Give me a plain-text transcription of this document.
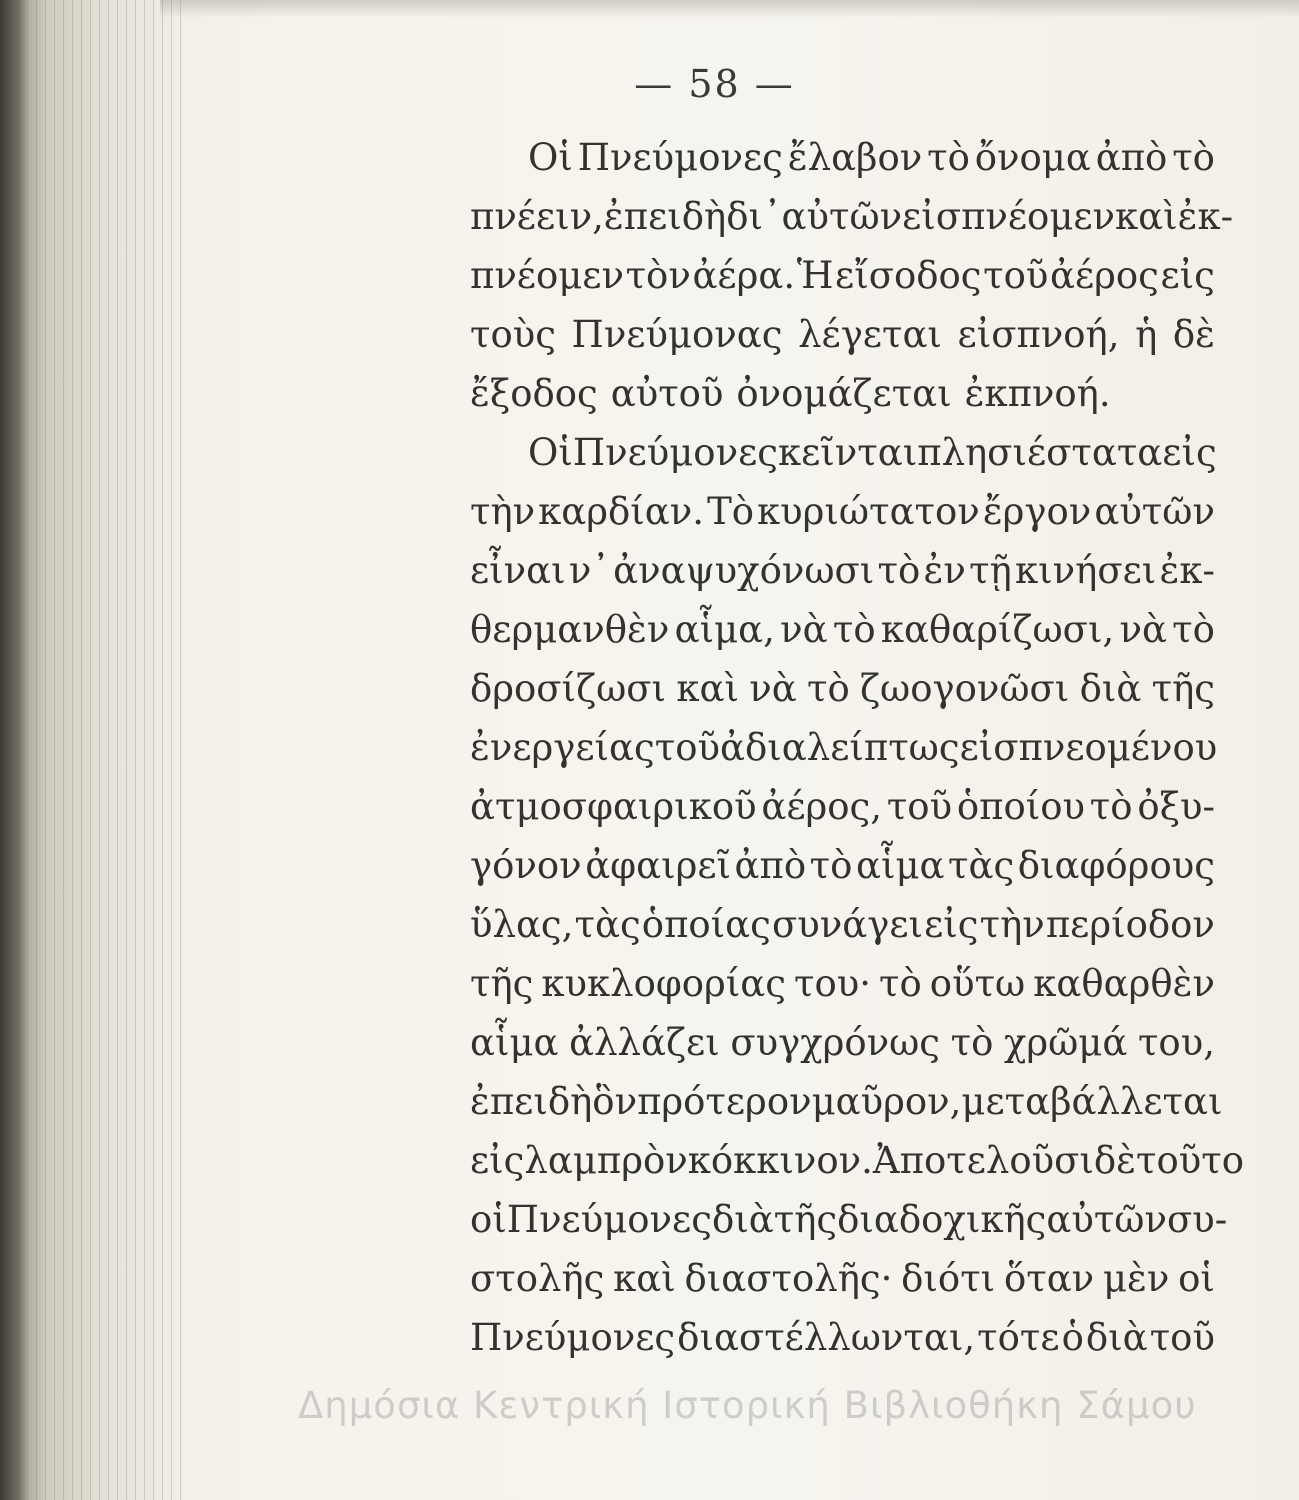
— 58 —
Οἱ Πνεύμονες ἔλαβον τὸ ὄνομα ἀπὸ τὸ
πνέειν, ἐπειδὴ δι᾽ αὐτῶν εἰσπνέομεν καὶ ἐκ-
πνέομεν τὸν ἀέρα. Ἡ εἴσοδος τοῦ ἀέρος εἰς
τοὺς Πνεύμονας λέγεται εἰσπνοή, ἡ δὲ
ἔξοδος αὐτοῦ ὀνομάζεται ἐκπνοή.
Οἱ Πνεύμονες κεῖνται πλησιέστατα εἰς
τὴν καρδίαν. Τὸ κυριώτατον ἔργον αὐτῶν
εἶναι ν᾽ ἀναψυχόνωσι τὸ ἐν τῇ κινήσει ἐκ-
θερμανθὲν αἷμα, νὰ τὸ καθαρίζωσι, νὰ τὸ
δροσίζωσι καὶ νὰ τὸ ζωογονῶσι διὰ τῆς
ἐνεργείας τοῦ ἀδιαλείπτως εἰσπνεομένου
ἀτμοσφαιρικοῦ ἀέρος, τοῦ ὁποίου τὸ ὀξυ-
γόνον ἀφαιρεῖ ἀπὸ τὸ αἷμα τὰς διαφόρους
ὕλας, τὰς ὁποίας συνάγει εἰς τὴν περίοδον
τῆς κυκλοφορίας του· τὸ οὕτω καθαρθὲν
αἷμα ἀλλάζει συγχρόνως τὸ χρῶμά του,
ἐπειδὴ ὃν πρότερον μαῦρον, μεταβάλλεται
εἰς λαμπρὸν κόκκινον. Ἀποτελοῦσι δὲ τοῦτο
οἱ Πνεύμονες διὰ τῆς διαδοχικῆς αὐτῶν συ-
στολῆς καὶ διαστολῆς· διότι ὅταν μὲν οἱ
Πνεύμονες διαστέλλωνται, τότε ὁ διὰ τοῦ
Δημόσια Κεντρική Ιστορική Βιβλιοθήκη Σάμου
